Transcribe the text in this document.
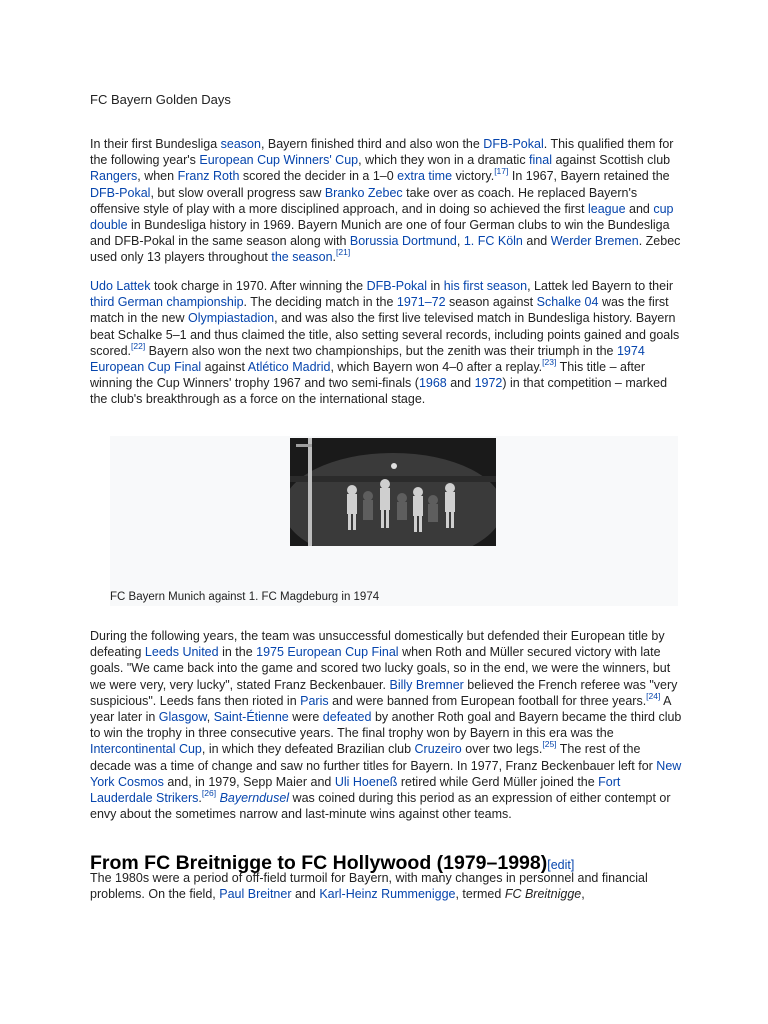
FC Bayern Golden Days

In their first Bundesliga season, Bayern finished third and also won the DFB-Pokal. This qualified them for the following year's European Cup Winners' Cup, which they won in a dramatic final against Scottish club Rangers, when Franz Roth scored the decider in a 1–0 extra time victory.[17] In 1967, Bayern retained the DFB-Pokal, but slow overall progress saw Branko Zebec take over as coach. He replaced Bayern's offensive style of play with a more disciplined approach, and in doing so achieved the first league and cup double in Bundesliga history in 1969. Bayern Munich are one of four German clubs to win the Bundesliga and DFB-Pokal in the same season along with Borussia Dortmund, 1. FC Köln and Werder Bremen. Zebec used only 13 players throughout the season.[21]

Udo Lattek took charge in 1970. After winning the DFB-Pokal in his first season, Lattek led Bayern to their third German championship. The deciding match in the 1971–72 season against Schalke 04 was the first match in the new Olympiastadion, and was also the first live televised match in Bundesliga history. Bayern beat Schalke 5–1 and thus claimed the title, also setting several records, including points gained and goals scored.[22] Bayern also won the next two championships, but the zenith was their triumph in the 1974 European Cup Final against Atlético Madrid, which Bayern won 4–0 after a replay.[23] This title – after winning the Cup Winners' trophy 1967 and two semi-finals (1968 and 1972) in that competition – marked the club's breakthrough as a force on the international stage.

FC Bayern Munich against 1. FC Magdeburg in 1974

During the following years, the team was unsuccessful domestically but defended their European title by defeating Leeds United in the 1975 European Cup Final when Roth and Müller secured victory with late goals. "We came back into the game and scored two lucky goals, so in the end, we were the winners, but we were very, very lucky", stated Franz Beckenbauer. Billy Bremner believed the French referee was "very suspicious". Leeds fans then rioted in Paris and were banned from European football for three years.[24] A year later in Glasgow, Saint-Étienne were defeated by another Roth goal and Bayern became the third club to win the trophy in three consecutive years. The final trophy won by Bayern in this era was the Intercontinental Cup, in which they defeated Brazilian club Cruzeiro over two legs.[25] The rest of the decade was a time of change and saw no further titles for Bayern. In 1977, Franz Beckenbauer left for New York Cosmos and, in 1979, Sepp Maier and Uli Hoeneß retired while Gerd Müller joined the Fort Lauderdale Strikers.[26] Bayerndusel was coined during this period as an expression of either contempt or envy about the sometimes narrow and last-minute wins against other teams.

From FC Breitnigge to FC Hollywood (1979–1998)[edit]

The 1980s were a period of off-field turmoil for Bayern, with many changes in personnel and financial problems. On the field, Paul Breitner and Karl-Heinz Rummenigge, termed FC Breitnigge,
